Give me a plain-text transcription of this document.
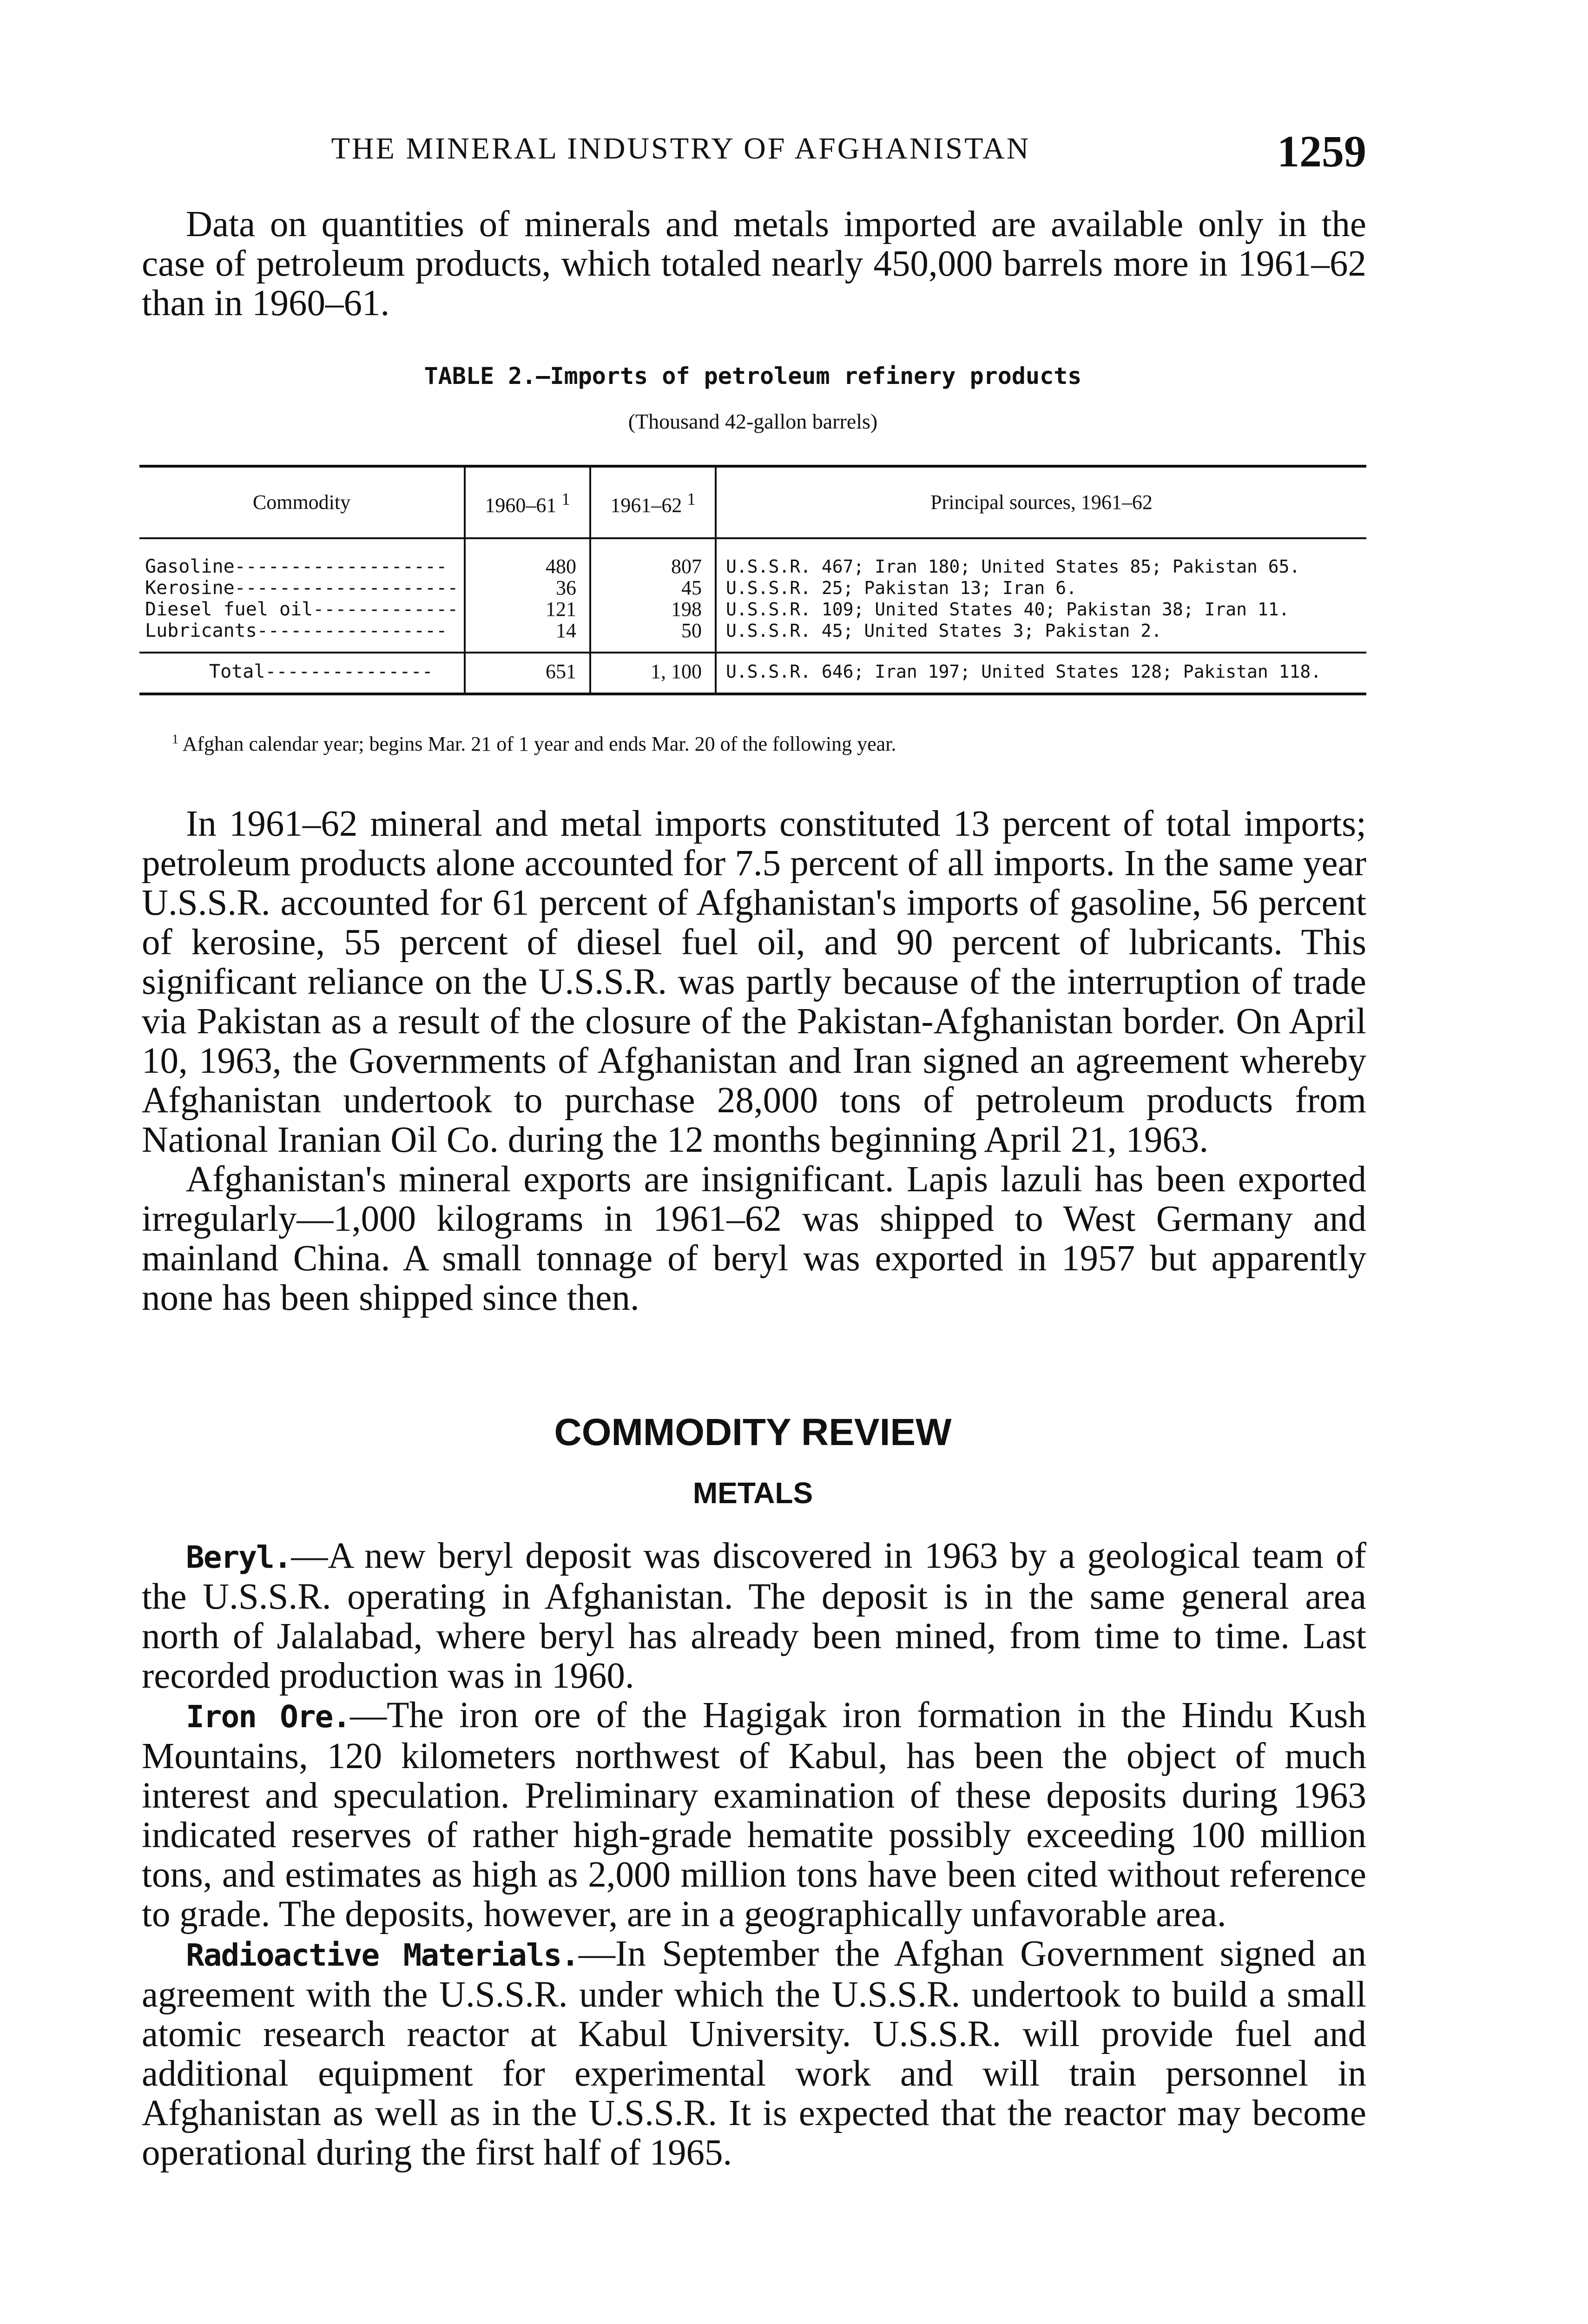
THE MINERAL INDUSTRY OF AFGHANISTAN	1259

Data on quantities of minerals and metals imported are available only in the case of petroleum products, which totaled nearly 450,000 barrels more in 1961–62 than in 1960–61.

TABLE 2.—Imports of petroleum refinery products
(Thousand 42-gallon barrels)
Commodity	1960–61 $^1$	1961–62 $^1$	Principal sources, 1961–62
Gasoline-------------------	480	807	U.S.S.R. 467; Iran 180; United States 85; Pakistan 65.
Kerosine--------------------	36	45	U.S.S.R. 25; Pakistan 13; Iran 6.
Diesel fuel oil-------------	121	198	U.S.S.R. 109; United States 40; Pakistan 38; Iran 11.
Lubricants-----------------	14	50	U.S.S.R. 45; United States 3; Pakistan 2.
Total---------------	651	1, 100	U.S.S.R. 646; Iran 197; United States 128; Pakistan 118.
$^1$ Afghan calendar year; begins Mar. 21 of 1 year and ends Mar. 20 of the following year.

In 1961–62 mineral and metal imports constituted 13 percent of total imports; petroleum products alone accounted for 7.5 percent of all imports. In the same year U.S.S.R. accounted for 61 percent of Afghanistan's imports of gasoline, 56 percent of kerosine, 55 percent of diesel fuel oil, and 90 percent of lubricants. This significant reliance on the U.S.S.R. was partly because of the interruption of trade via Pakistan as a result of the closure of the Pakistan-Afghanistan border. On April 10, 1963, the Governments of Afghanistan and Iran signed an agreement whereby Afghanistan undertook to purchase 28,000 tons of petroleum products from National Iranian Oil Co. during the 12 months beginning April 21, 1963.

Afghanistan's mineral exports are insignificant. Lapis lazuli has been exported irregularly—1,000 kilograms in 1961–62 was shipped to West Germany and mainland China. A small tonnage of beryl was exported in 1957 but apparently none has been shipped since then.

COMMODITY REVIEW
METALS

Beryl.—A new beryl deposit was discovered in 1963 by a geological team of the U.S.S.R. operating in Afghanistan. The deposit is in the same general area north of Jalalabad, where beryl has already been mined, from time to time. Last recorded production was in 1960.

Iron Ore.—The iron ore of the Hagigak iron formation in the Hindu Kush Mountains, 120 kilometers northwest of Kabul, has been the object of much interest and speculation. Preliminary examination of these deposits during 1963 indicated reserves of rather high-grade hematite possibly exceeding 100 million tons, and estimates as high as 2,000 million tons have been cited without reference to grade. The deposits, however, are in a geographically unfavorable area.

Radioactive Materials.—In September the Afghan Government signed an agreement with the U.S.S.R. under which the U.S.S.R. undertook to build a small atomic research reactor at Kabul University. U.S.S.R. will provide fuel and additional equipment for experimental work and will train personnel in Afghanistan as well as in the U.S.S.R. It is expected that the reactor may become operational during the first half of 1965.
